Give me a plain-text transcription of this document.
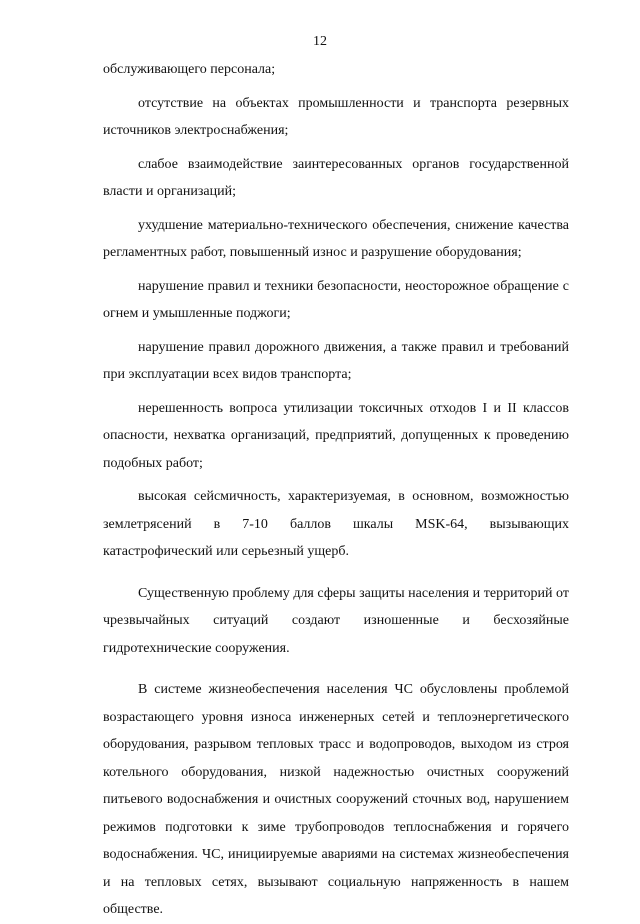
12

обслуживающего персонала;

отсутствие на объектах промышленности и транспорта резервных источников электроснабжения;

слабое взаимодействие заинтересованных органов государственной власти и организаций;

ухудшение материально-технического обеспечения, снижение качества регламентных работ, повышенный износ и разрушение оборудования;

нарушение правил и техники безопасности, неосторожное обращение с огнем и умышленные поджоги;

нарушение правил дорожного движения, а также правил и требований при эксплуатации всех видов транспорта;

нерешенность вопроса утилизации токсичных отходов I и II классов опасности, нехватка организаций, предприятий, допущенных к проведению подобных работ;

высокая сейсмичность, характеризуемая, в основном, возможностью землетрясений в 7-10 баллов шкалы MSK-64, вызывающих катастрофический или серьезный ущерб.

Существенную проблему для сферы защиты населения и территорий от чрезвычайных ситуаций создают изношенные и бесхозяйные гидротехнические сооружения.

В системе жизнеобеспечения населения ЧС обусловлены проблемой возрастающего уровня износа инженерных сетей и теплоэнергетического оборудования, разрывом тепловых трасс и водопроводов, выходом из строя котельного оборудования, низкой надежностью очистных сооружений питьевого водоснабжения и очистных сооружений сточных вод, нарушением режимов подготовки к зиме трубопроводов теплоснабжения и горячего водоснабжения. ЧС, инициируемые авариями на системах жизнеобеспечения и на тепловых сетях, вызывают социальную напряженность в нашем обществе.
